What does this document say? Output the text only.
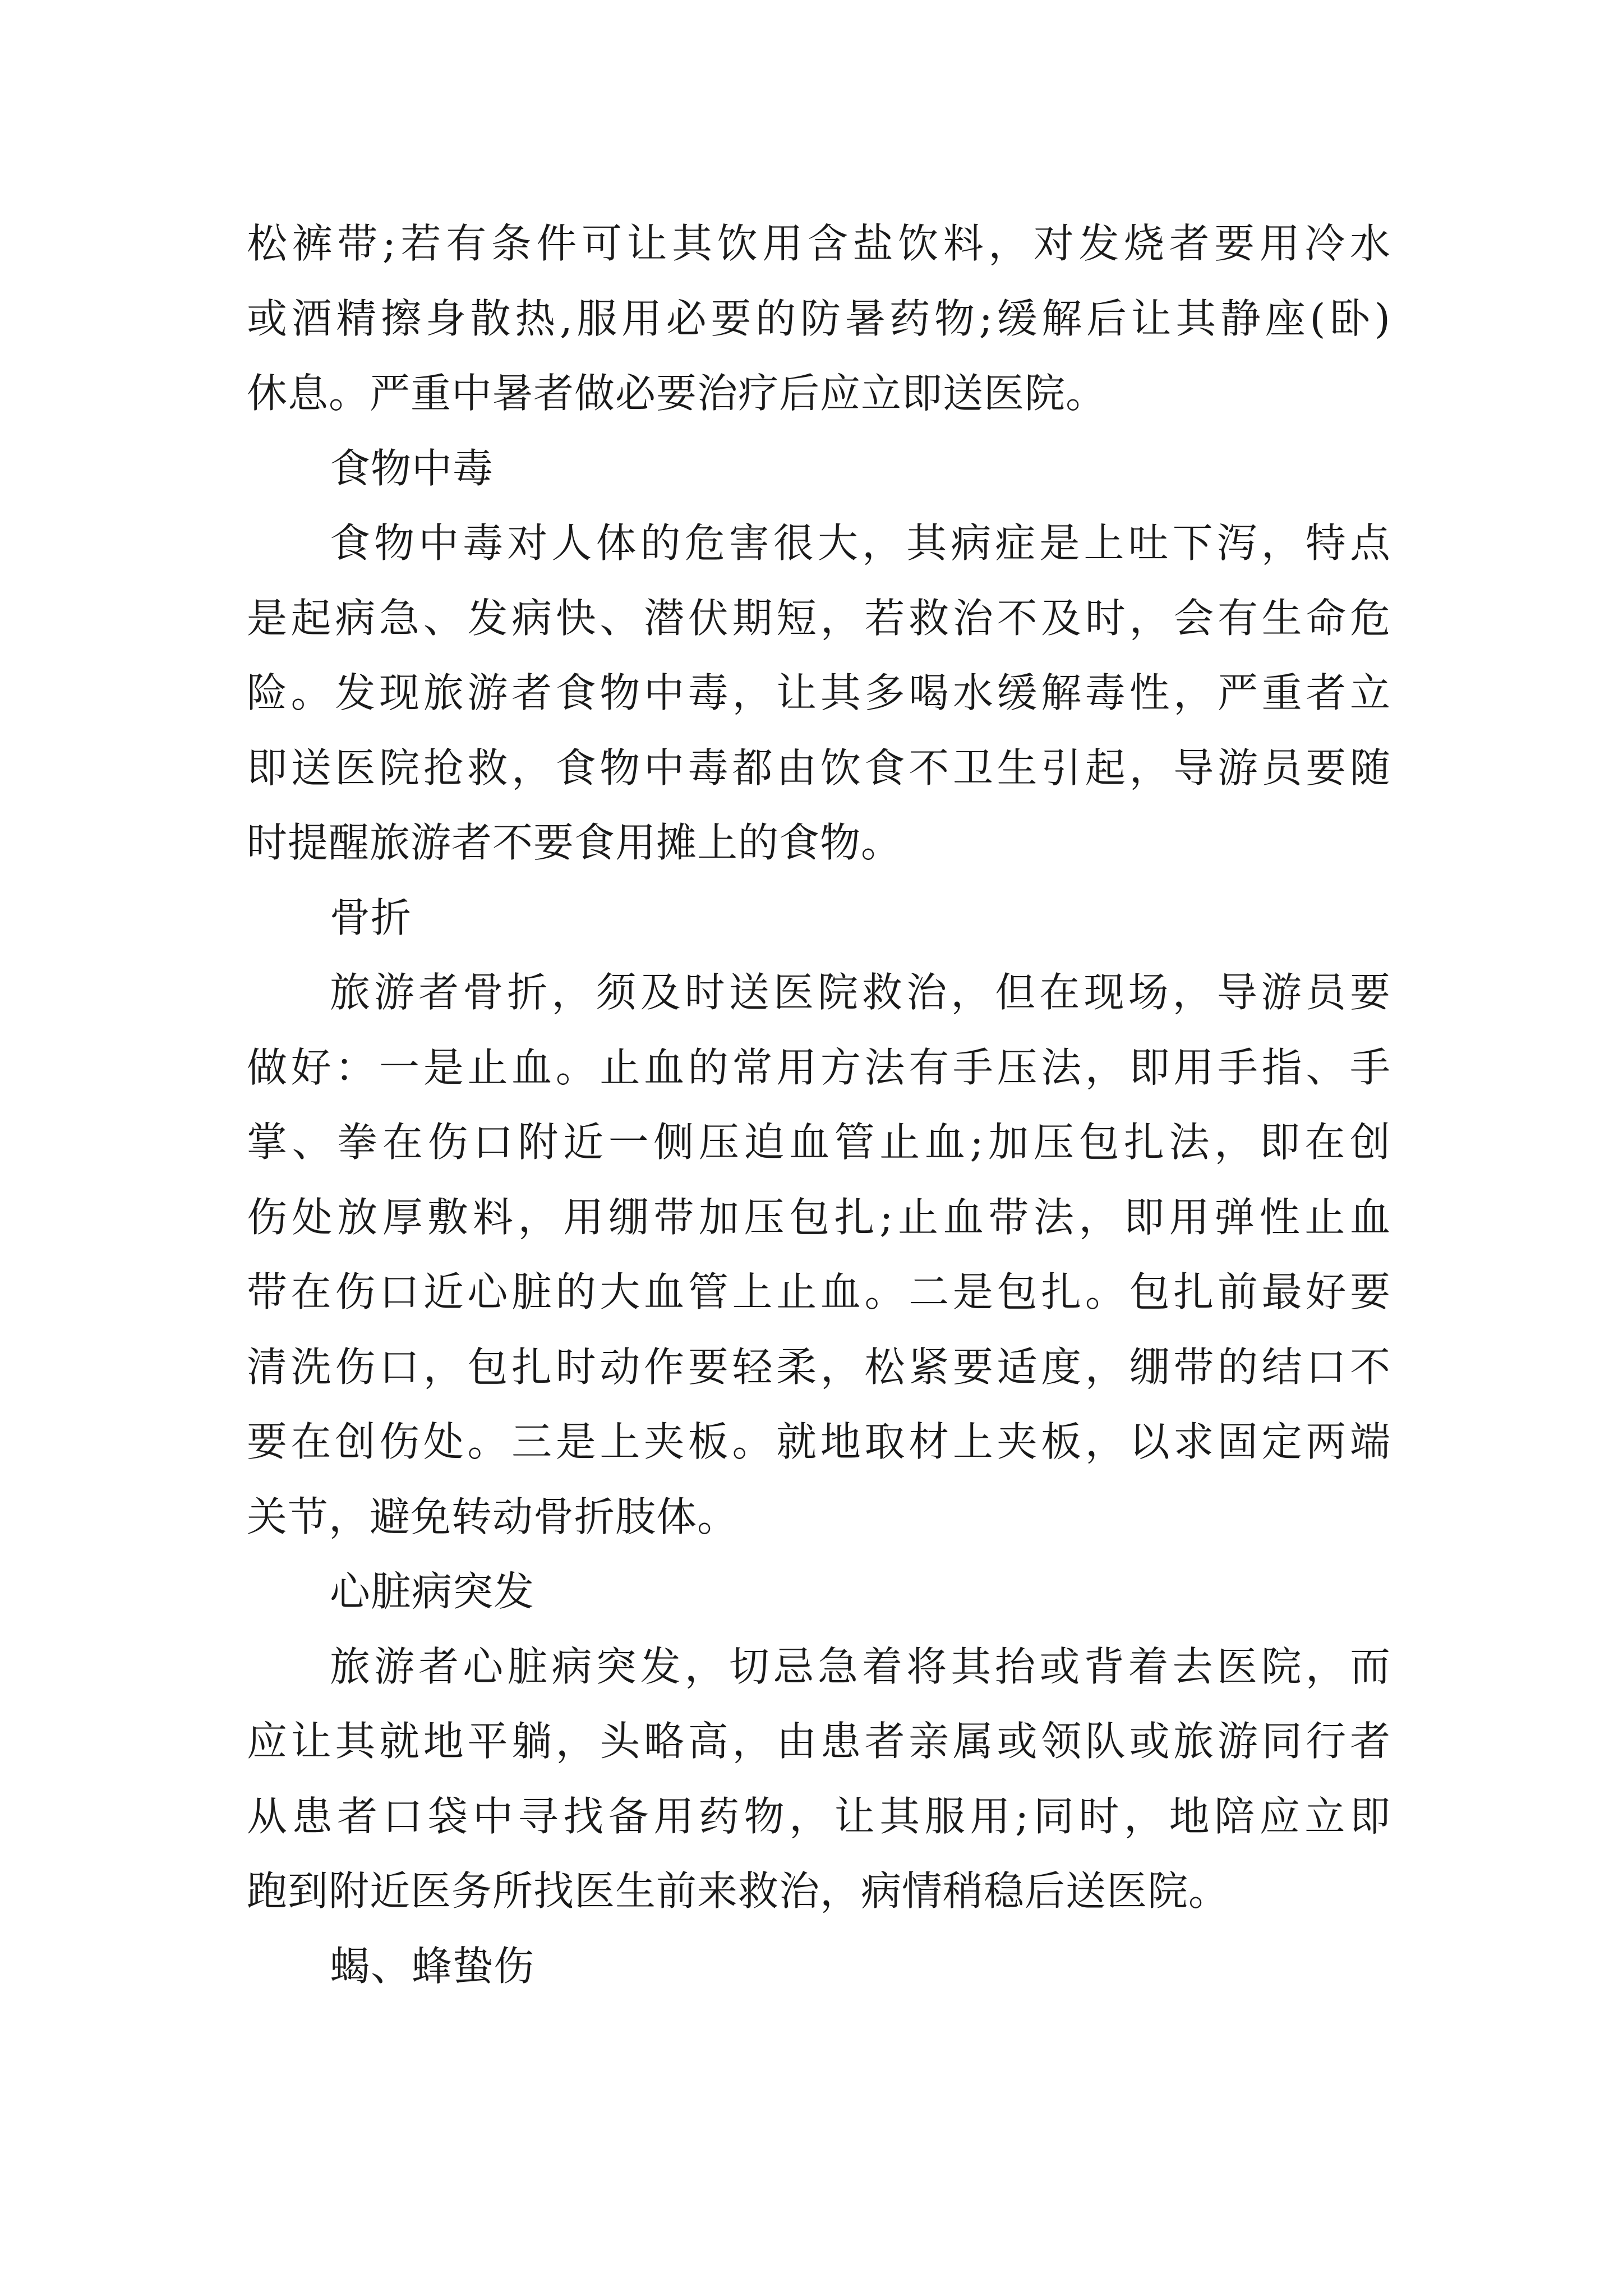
松裤带;若有条件可让其饮用含盐饮料，对发烧者要用冷水
或酒精擦身散热,服用必要的防暑药物;缓解后让其静座(卧)
休息。严重中暑者做必要治疗后应立即送医院。
食物中毒
食物中毒对人体的危害很大，其病症是上吐下泻，特点
是起病急、发病快、潜伏期短，若救治不及时，会有生命危
险。发现旅游者食物中毒，让其多喝水缓解毒性，严重者立
即送医院抢救，食物中毒都由饮食不卫生引起，导游员要随
时提醒旅游者不要食用摊上的食物。
骨折
旅游者骨折，须及时送医院救治，但在现场，导游员要
做好：一是止血。止血的常用方法有手压法，即用手指、手
掌、拳在伤口附近一侧压迫血管止血;加压包扎法，即在创
伤处放厚敷料，用绷带加压包扎;止血带法，即用弹性止血
带在伤口近心脏的大血管上止血。二是包扎。包扎前最好要
清洗伤口，包扎时动作要轻柔，松紧要适度，绷带的结口不
要在创伤处。三是上夹板。就地取材上夹板，以求固定两端
关节，避免转动骨折肢体。
心脏病突发
旅游者心脏病突发，切忌急着将其抬或背着去医院，而
应让其就地平躺，头略高，由患者亲属或领队或旅游同行者
从患者口袋中寻找备用药物，让其服用;同时，地陪应立即
跑到附近医务所找医生前来救治，病情稍稳后送医院。
蝎、蜂蛰伤
